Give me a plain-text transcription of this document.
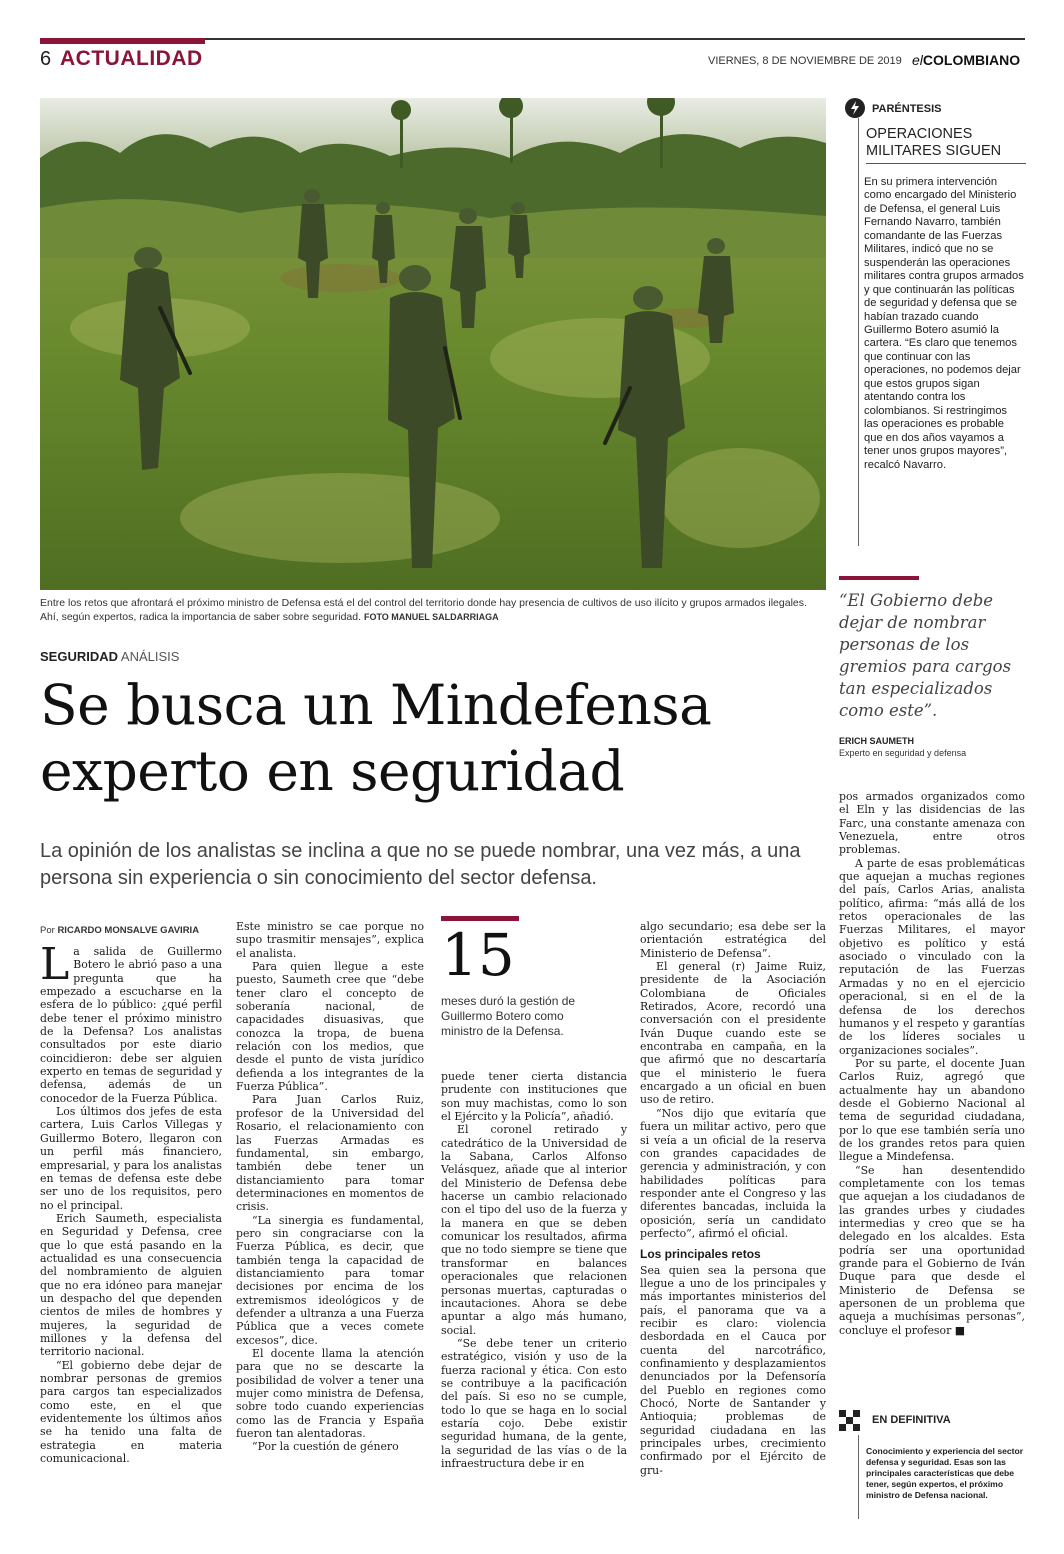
6 ACTUALIDAD	VIERNES, 8 DE NOVIEMBRE DE 2019 elCOLOMBIANO
Entre los retos que afrontará el próximo ministro de Defensa está el del control del territorio donde hay presencia de cultivos de uso ilícito y grupos armados ilegales. Ahí, según expertos, radica la importancia de saber sobre seguridad. FOTO MANUEL SALDARRIAGA
SEGURIDAD ANÁLISIS
Se busca un Mindefensa
experto en seguridad
La opinión de los analistas se inclina a que no se puede nombrar, una vez más, a una persona sin experiencia o sin conocimiento del sector defensa.
Por RICARDO MONSALVE GAVIRIA

La salida de Guillermo Botero le abrió paso a una pregunta que ha empezado a escucharse en la esfera de lo público: ¿qué perfil debe tener el próximo ministro de la Defensa? Los analistas consultados por este diario coincidieron: debe ser alguien experto en temas de seguridad y defensa, además de un conocedor de la Fuerza Pública.

Los últimos dos jefes de esta cartera, Luis Carlos Villegas y Guillermo Botero, llegaron con un perfil más financiero, empresarial, y para los analistas en temas de defensa este debe ser uno de los requisitos, pero no el principal.

Erich Saumeth, especialista en Seguridad y Defensa, cree que lo que está pasando en la actualidad es una consecuencia del nombramiento de alguien que no era idóneo para manejar un despacho del que dependen cientos de miles de hombres y mujeres, la seguridad de millones y la defensa del territorio nacional.

“El gobierno debe dejar de nombrar personas de gremios para cargos tan especializados como este, en el que evidentemente los últimos años se ha tenido una falta de estrategia en materia comunicacional.

Este ministro se cae porque no supo trasmitir mensajes”, explica el analista.

Para quien llegue a este puesto, Saumeth cree que “debe tener claro el concepto de soberanía nacional, de capacidades disuasivas, que conozca la tropa, de buena relación con los medios, que desde el punto de vista jurídico defienda a los integrantes de la Fuerza Pública”.

Para Juan Carlos Ruiz, profesor de la Universidad del Rosario, el relacionamiento con las Fuerzas Armadas es fundamental, sin embargo, también debe tener un distanciamiento para tomar determinaciones en momentos de crisis.

“La sinergia es fundamental, pero sin congraciarse con la Fuerza Pública, es decir, que también tenga la capacidad de distanciamiento para tomar decisiones por encima de los extremismos ideológicos y de defender a ultranza a una Fuerza Pública que a veces comete excesos”, dice.

El docente llama la atención para que no se descarte la posibilidad de volver a tener una mujer como ministra de Defensa, sobre todo cuando experiencias como las de Francia y España fueron tan alentadoras.

“Por la cuestión de género

15
meses duró la gestión de Guillermo Botero como ministro de la Defensa.

puede tener cierta distancia prudente con instituciones que son muy machistas, como lo son el Ejército y la Policía”, añadió.

El coronel retirado y catedrático de la Universidad de la Sabana, Carlos Alfonso Velásquez, añade que al interior del Ministerio de Defensa debe hacerse un cambio relacionado con el tipo del uso de la fuerza y la manera en que se deben comunicar los resultados, afirma que no todo siempre se tiene que transformar en balances operacionales que relacionen personas muertas, capturadas o incautaciones. Ahora se debe apuntar a algo más humano, social.

“Se debe tener un criterio estratégico, visión y uso de la fuerza racional y ética. Con esto se contribuye a la pacificación del país. Si eso no se cumple, todo lo que se haga en lo social estaría cojo. Debe existir seguridad humana, de la gente, la seguridad de las vías o de la infraestructura debe ir en

algo secundario; esa debe ser la orientación estratégica del Ministerio de Defensa”.

El general (r) Jaime Ruiz, presidente de la Asociación Colombiana de Oficiales Retirados, Acore, recordó una conversación con el presidente Iván Duque cuando este se encontraba en campaña, en la que afirmó que no descartaría que el ministerio le fuera encargado a un oficial en buen uso de retiro.

“Nos dijo que evitaría que fuera un militar activo, pero que si veía a un oficial de la reserva con grandes capacidades de gerencia y administración, y con habilidades políticas para responder ante el Congreso y las diferentes bancadas, incluida la oposición, sería un candidato perfecto”, afirmó el oficial.

Los principales retos

Sea quien sea la persona que llegue a uno de los principales y más importantes ministerios del país, el panorama que va a recibir es claro: violencia desbordada en el Cauca por cuenta del narcotráfico, confinamiento y desplazamientos denunciados por la Defensoría del Pueblo en regiones como Chocó, Norte de Santander y Antioquia; problemas de seguridad ciudadana en las principales urbes, crecimiento confirmado por el Ejército de gru-

pos armados organizados como el Eln y las disidencias de las Farc, una constante amenaza con Venezuela, entre otros problemas.

A parte de esas problemáticas que aquejan a muchas regiones del país, Carlos Arias, analista político, afirma: “más allá de los retos operacionales de las Fuerzas Militares, el mayor objetivo es político y está asociado o vinculado con la reputación de las Fuerzas Armadas y no en el ejercicio operacional, si en el de la defensa de los derechos humanos y el respeto y garantías de los líderes sociales u organizaciones sociales”.

Por su parte, el docente Juan Carlos Ruiz, agregó que actualmente hay un abandono desde el Gobierno Nacional al tema de seguridad ciudadana, por lo que ese también sería uno de los grandes retos para quien llegue a Mindefensa.

“Se han desentendido completamente con los temas que aquejan a los ciudadanos de las grandes urbes y ciudades intermedias y creo que se ha delegado en los alcaldes. Esta podría ser una oportunidad grande para el Gobierno de Iván Duque para que desde el Ministerio de Defensa se apersonen de un problema que aqueja a muchísimas personas”, concluye el profesor ■

PARÉNTESIS
OPERACIONES MILITARES SIGUEN
En su primera intervención como encargado del Ministerio de Defensa, el general Luis Fernando Navarro, también comandante de las Fuerzas Militares, indicó que no se suspenderán las operaciones militares contra grupos armados y que continuarán las políticas de seguridad y defensa que se habían trazado cuando Guillermo Botero asumió la cartera. “Es claro que tenemos que continuar con las operaciones, no podemos dejar que estos grupos sigan atentando contra los colombianos. Si restringimos las operaciones es probable que en dos años vayamos a tener unos grupos mayores”, recalcó Navarro.
“El Gobierno debe dejar de nombrar personas de los gremios para cargos tan especializados como este”.
ERICH SAUMETH
Experto en seguridad y defensa
EN DEFINITIVA
Conocimiento y experiencia del sector defensa y seguridad. Esas son las principales características que debe tener, según expertos, el próximo ministro de Defensa nacional.
